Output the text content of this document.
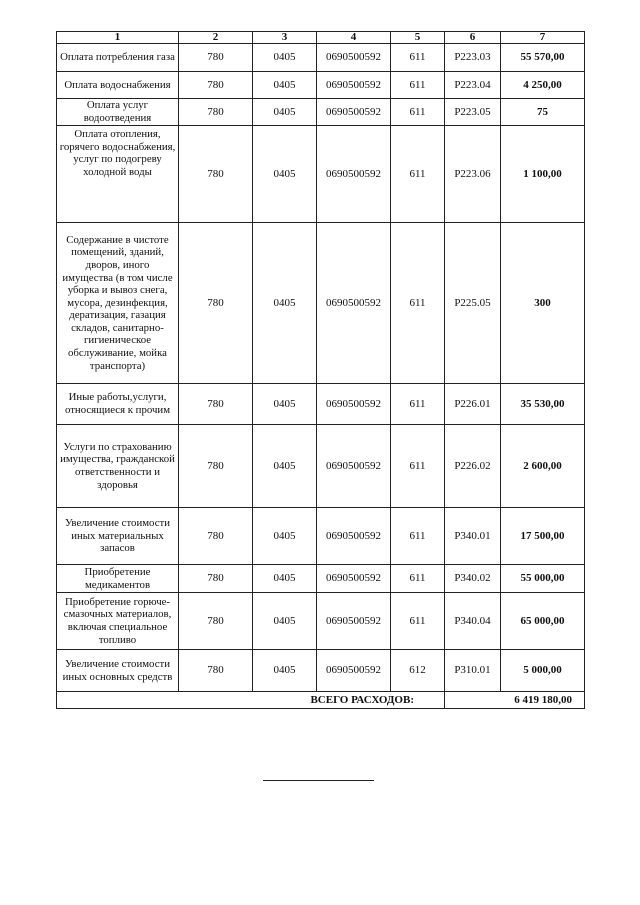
1	2	3	4	5	6	7
Оплата потребления газа	780	0405	0690500592	611	P223.03	55 570,00
Оплата водоснабжения	780	0405	0690500592	611	P223.04	4 250,00
Оплата услуг водоотведения	780	0405	0690500592	611	P223.05	75
Оплата отопления, горячего водоснабжения, услуг по подогреву холодной воды	780	0405	0690500592	611	P223.06	1 100,00
Содержание в чистоте помещений, зданий, дворов, иного имущества (в том числе уборка и вывоз снега, мусора, дезинфекция, дератизация, газация складов, санитарно-гигиеническое обслуживание, мойка транспорта)	780	0405	0690500592	611	P225.05	300
Иные работы,услуги, относящиеся к прочим	780	0405	0690500592	611	P226.01	35 530,00
Услуги по страхованию имущества, гражданской ответственности и здоровья	780	0405	0690500592	611	P226.02	2 600,00
Увеличение стоимости иных материальных запасов	780	0405	0690500592	611	P340.01	17 500,00
Приобретение медикаментов	780	0405	0690500592	611	P340.02	55 000,00
Приобретение горюче-смазочных материалов, включая специальное топливо	780	0405	0690500592	611	P340.04	65 000,00
Увеличение стоимости иных основных средств	780	0405	0690500592	612	P310.01	5 000,00
ВСЕГО РАСХОДОВ:					6 419 180,00	
